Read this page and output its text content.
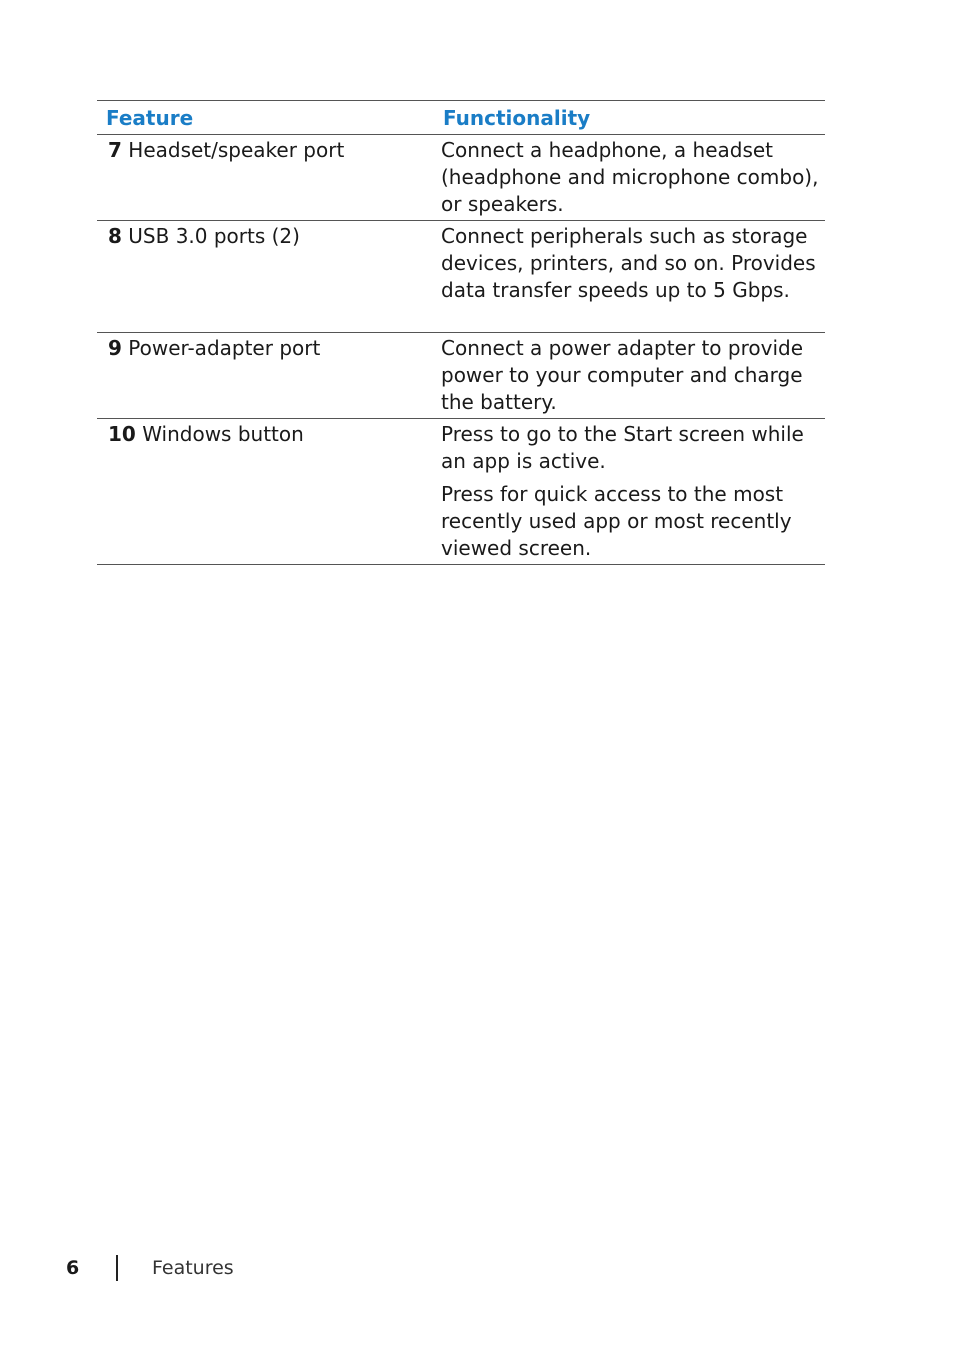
Feature	Functionality
7 Headset/speaker port	Connect a headphone, a headset (headphone and microphone combo), or speakers.

8 USB 3.0 ports (2)	Connect peripherals such as storage devices, printers, and so on. Provides data transfer speeds up to 5 Gbps.

9 Power-adapter port	Connect a power adapter to provide power to your computer and charge the battery.

10 Windows button	Press to go to the Start screen while an app is active.

Press for quick access to the most recently used app or most recently viewed screen.

6	Features
